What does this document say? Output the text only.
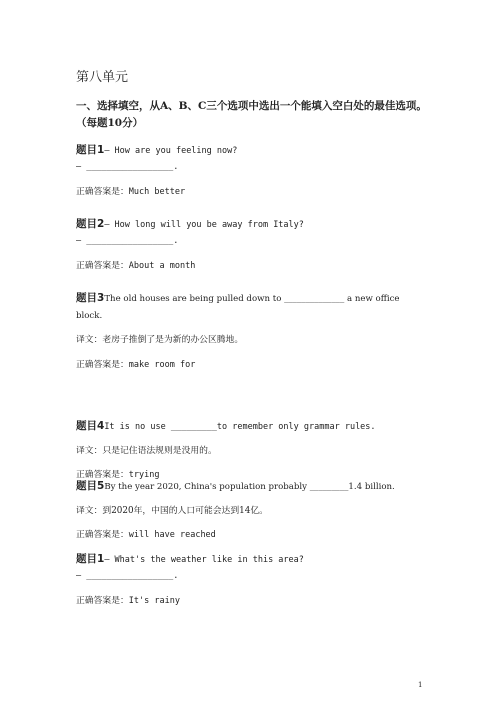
第八单元
一、选择填空，从A、B、C三个选项中选出一个能填入空白处的最佳选项。（每题10分）
题目1— How are you feeling now?
— _________________.
正确答案是：Much better
题目2— How long will you be away from Italy?
— _________________.
正确答案是：About a month
题目3The old houses are being pulled down to ______________ a new office
block.
译文：老房子推倒了是为新的办公区腾地。
正确答案是：make room for
题目4It is no use _________to remember only grammar rules.
译文：只是记住语法规则是没用的。
正确答案是：trying
题目5By the year 2020, China's population probably _________1.4 billion.
译文：到2020年，中国的人口可能会达到14亿。
正确答案是：will have reached
题目1— What's the weather like in this area?
— _________________.
正确答案是：It's rainy
1
